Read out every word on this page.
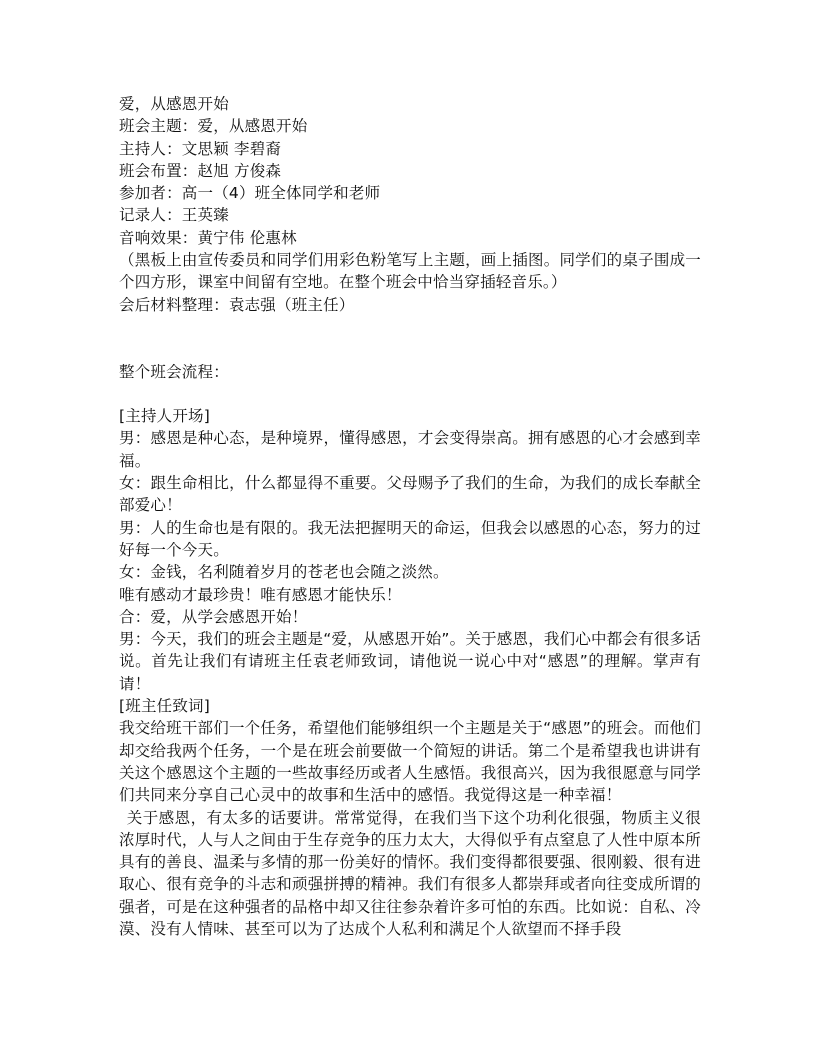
爱，从感恩开始
班会主题：爱，从感恩开始
主持人：文思颖 李碧裔
班会布置：赵旭 方俊森
参加者：高一（4）班全体同学和老师
记录人：王英臻
音响效果：黄宁伟 伦惠林
（黑板上由宣传委员和同学们用彩色粉笔写上主题，画上插图。同学们的桌子围成一个四方形，课室中间留有空地。在整个班会中恰当穿插轻音乐。）
会后材料整理：袁志强（班主任）
整个班会流程：
[主持人开场]
男：感恩是种心态，是种境界，懂得感恩，才会变得崇高。拥有感恩的心才会感到幸福。
女：跟生命相比，什么都显得不重要。父母赐予了我们的生命，为我们的成长奉献全部爱心！
男：人的生命也是有限的。我无法把握明天的命运，但我会以感恩的心态，努力的过好每一个今天。
女：金钱，名利随着岁月的苍老也会随之淡然。
唯有感动才最珍贵！唯有感恩才能快乐！
合：爱，从学会感恩开始！
男：今天，我们的班会主题是“爱，从感恩开始”。关于感恩，我们心中都会有很多话说。首先让我们有请班主任袁老师致词，请他说一说心中对“感恩”的理解。掌声有请！
[班主任致词]
我交给班干部们一个任务，希望他们能够组织一个主题是关于“感恩”的班会。而他们却交给我两个任务，一个是在班会前要做一个简短的讲话。第二个是希望我也讲讲有关这个感恩这个主题的一些故事经历或者人生感悟。我很高兴，因为我很愿意与同学们共同来分享自己心灵中的故事和生活中的感悟。我觉得这是一种幸福！
关于感恩，有太多的话要讲。常常觉得，在我们当下这个功利化很强，物质主义很浓厚时代，人与人之间由于生存竞争的压力太大，大得似乎有点窒息了人性中原本所具有的善良、温柔与多情的那一份美好的情怀。我们变得都很要强、很刚毅、很有进取心、很有竞争的斗志和顽强拼搏的精神。我们有很多人都崇拜或者向往变成所谓的强者，可是在这种强者的品格中却又往往参杂着许多可怕的东西。比如说：自私、冷漠、没有人情味、甚至可以为了达成个人私利和满足个人欲望而不择手段
